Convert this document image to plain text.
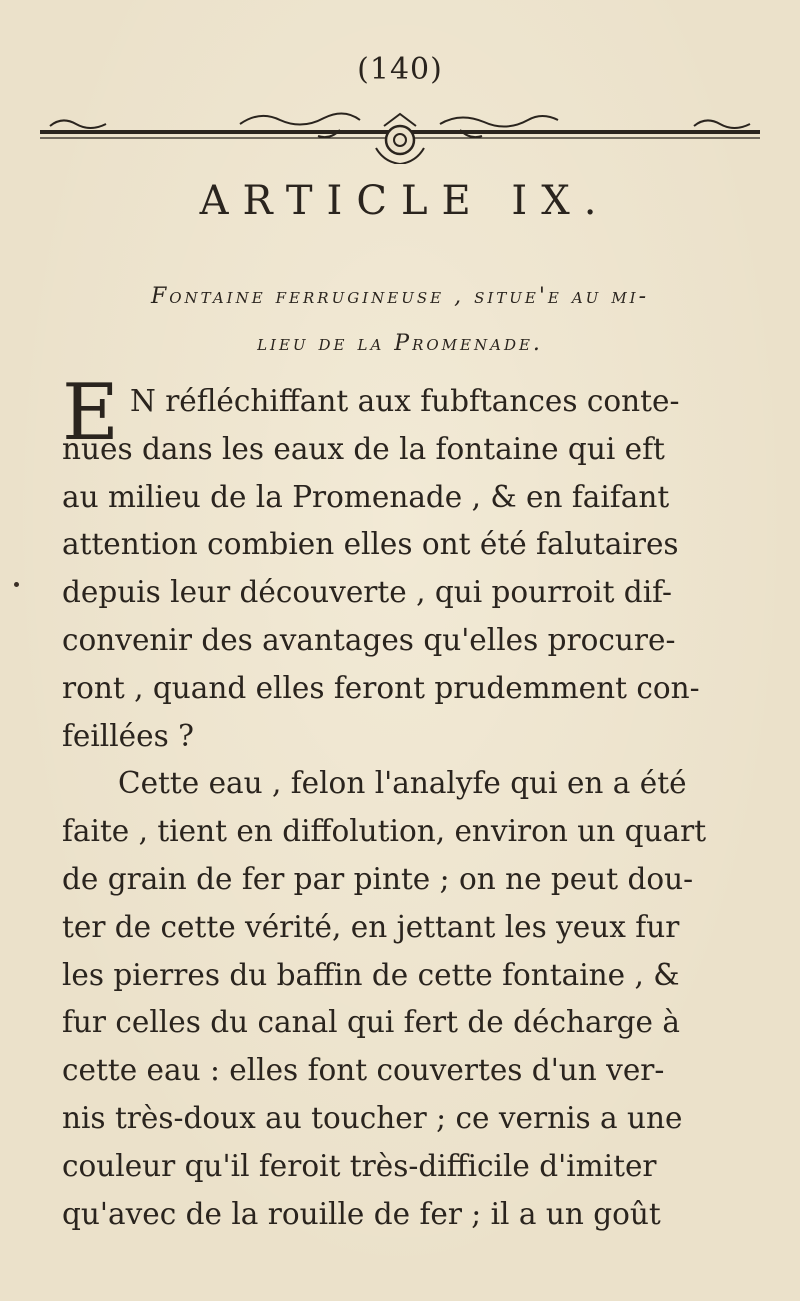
(140)
ARTICLE IX.
Fontaine ferrugineuse , situe'e au mi-
lieu de la Promenade.
E N réfléchiffant aux fubftances conte-
nues dans les eaux de la fontaine qui eft
au milieu de la Promenade , & en faifant
attention combien elles ont été falutaires
depuis leur découverte , qui pourroit dif-
convenir des avantages qu'elles procure-
ront , quand elles feront prudemment con-
feillées ?
Cette eau , felon l'analyfe qui en a été
faite , tient en diffolution, environ un quart
de grain de fer par pinte ; on ne peut dou-
ter de cette vérité, en jettant les yeux fur
les pierres du baffin de cette fontaine , &
fur celles du canal qui fert de décharge à
cette eau : elles font couvertes d'un ver-
nis très-doux au toucher ; ce vernis a une
couleur qu'il feroit très-difficile d'imiter
qu'avec de la rouille de fer ; il a un goût
